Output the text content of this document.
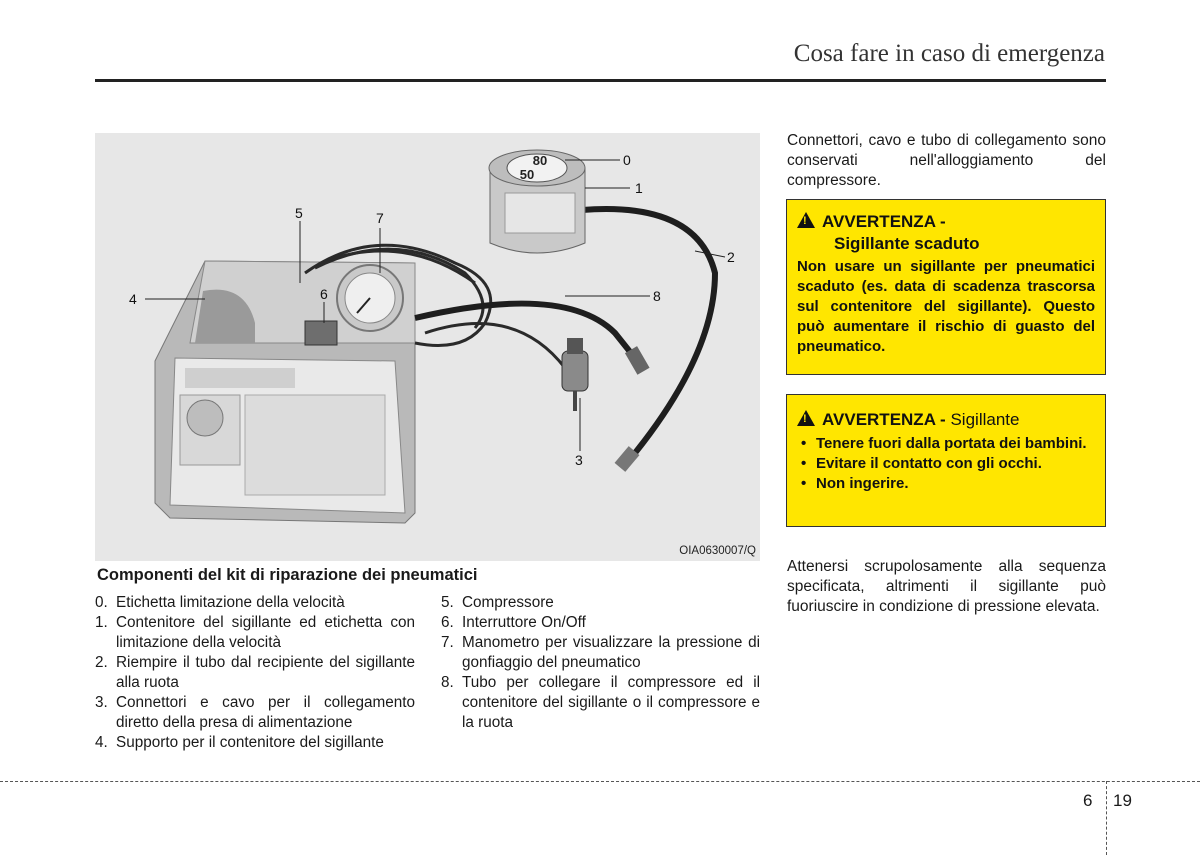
Cosa fare in caso di emergenza
80
50
0
1
2
3
4
5
6
7
8
OIA0630007/Q
Componenti del kit di riparazione dei pneumatici
0. Etichetta limitazione della velocità
1. Contenitore del sigillante ed etichetta con limitazione della velocità
2. Riempire il tubo dal recipiente del sigillante alla ruota
3. Connettori e cavo per il collegamento diretto della presa di alimentazione
4. Supporto per il contenitore del sigillante
5. Compressore
6. Interruttore On/Off
7. Manometro per visualizzare la pressione di gonfiaggio del pneumatico
8. Tubo per collegare il compressore ed il contenitore del sigillante o il compressore e la ruota
Connettori, cavo e tubo di collegamento sono conservati nell'alloggiamento del compressore.
!AVVERTENZA -
Sigillante scaduto
Non usare un sigillante per pneumatici scaduto (es. data di scadenza trascorsa sul contenitore del sigillante). Questo può aumentare il rischio di guasto del pneumatico.
!AVVERTENZA - Sigillante
• Tenere fuori dalla portata dei bambini.
• Evitare il contatto con gli occhi.
• Non ingerire.
Attenersi scrupolosamente alla sequenza specificata, altrimenti il sigillante può fuoriuscire in condizione di pressione elevata.
6 19
